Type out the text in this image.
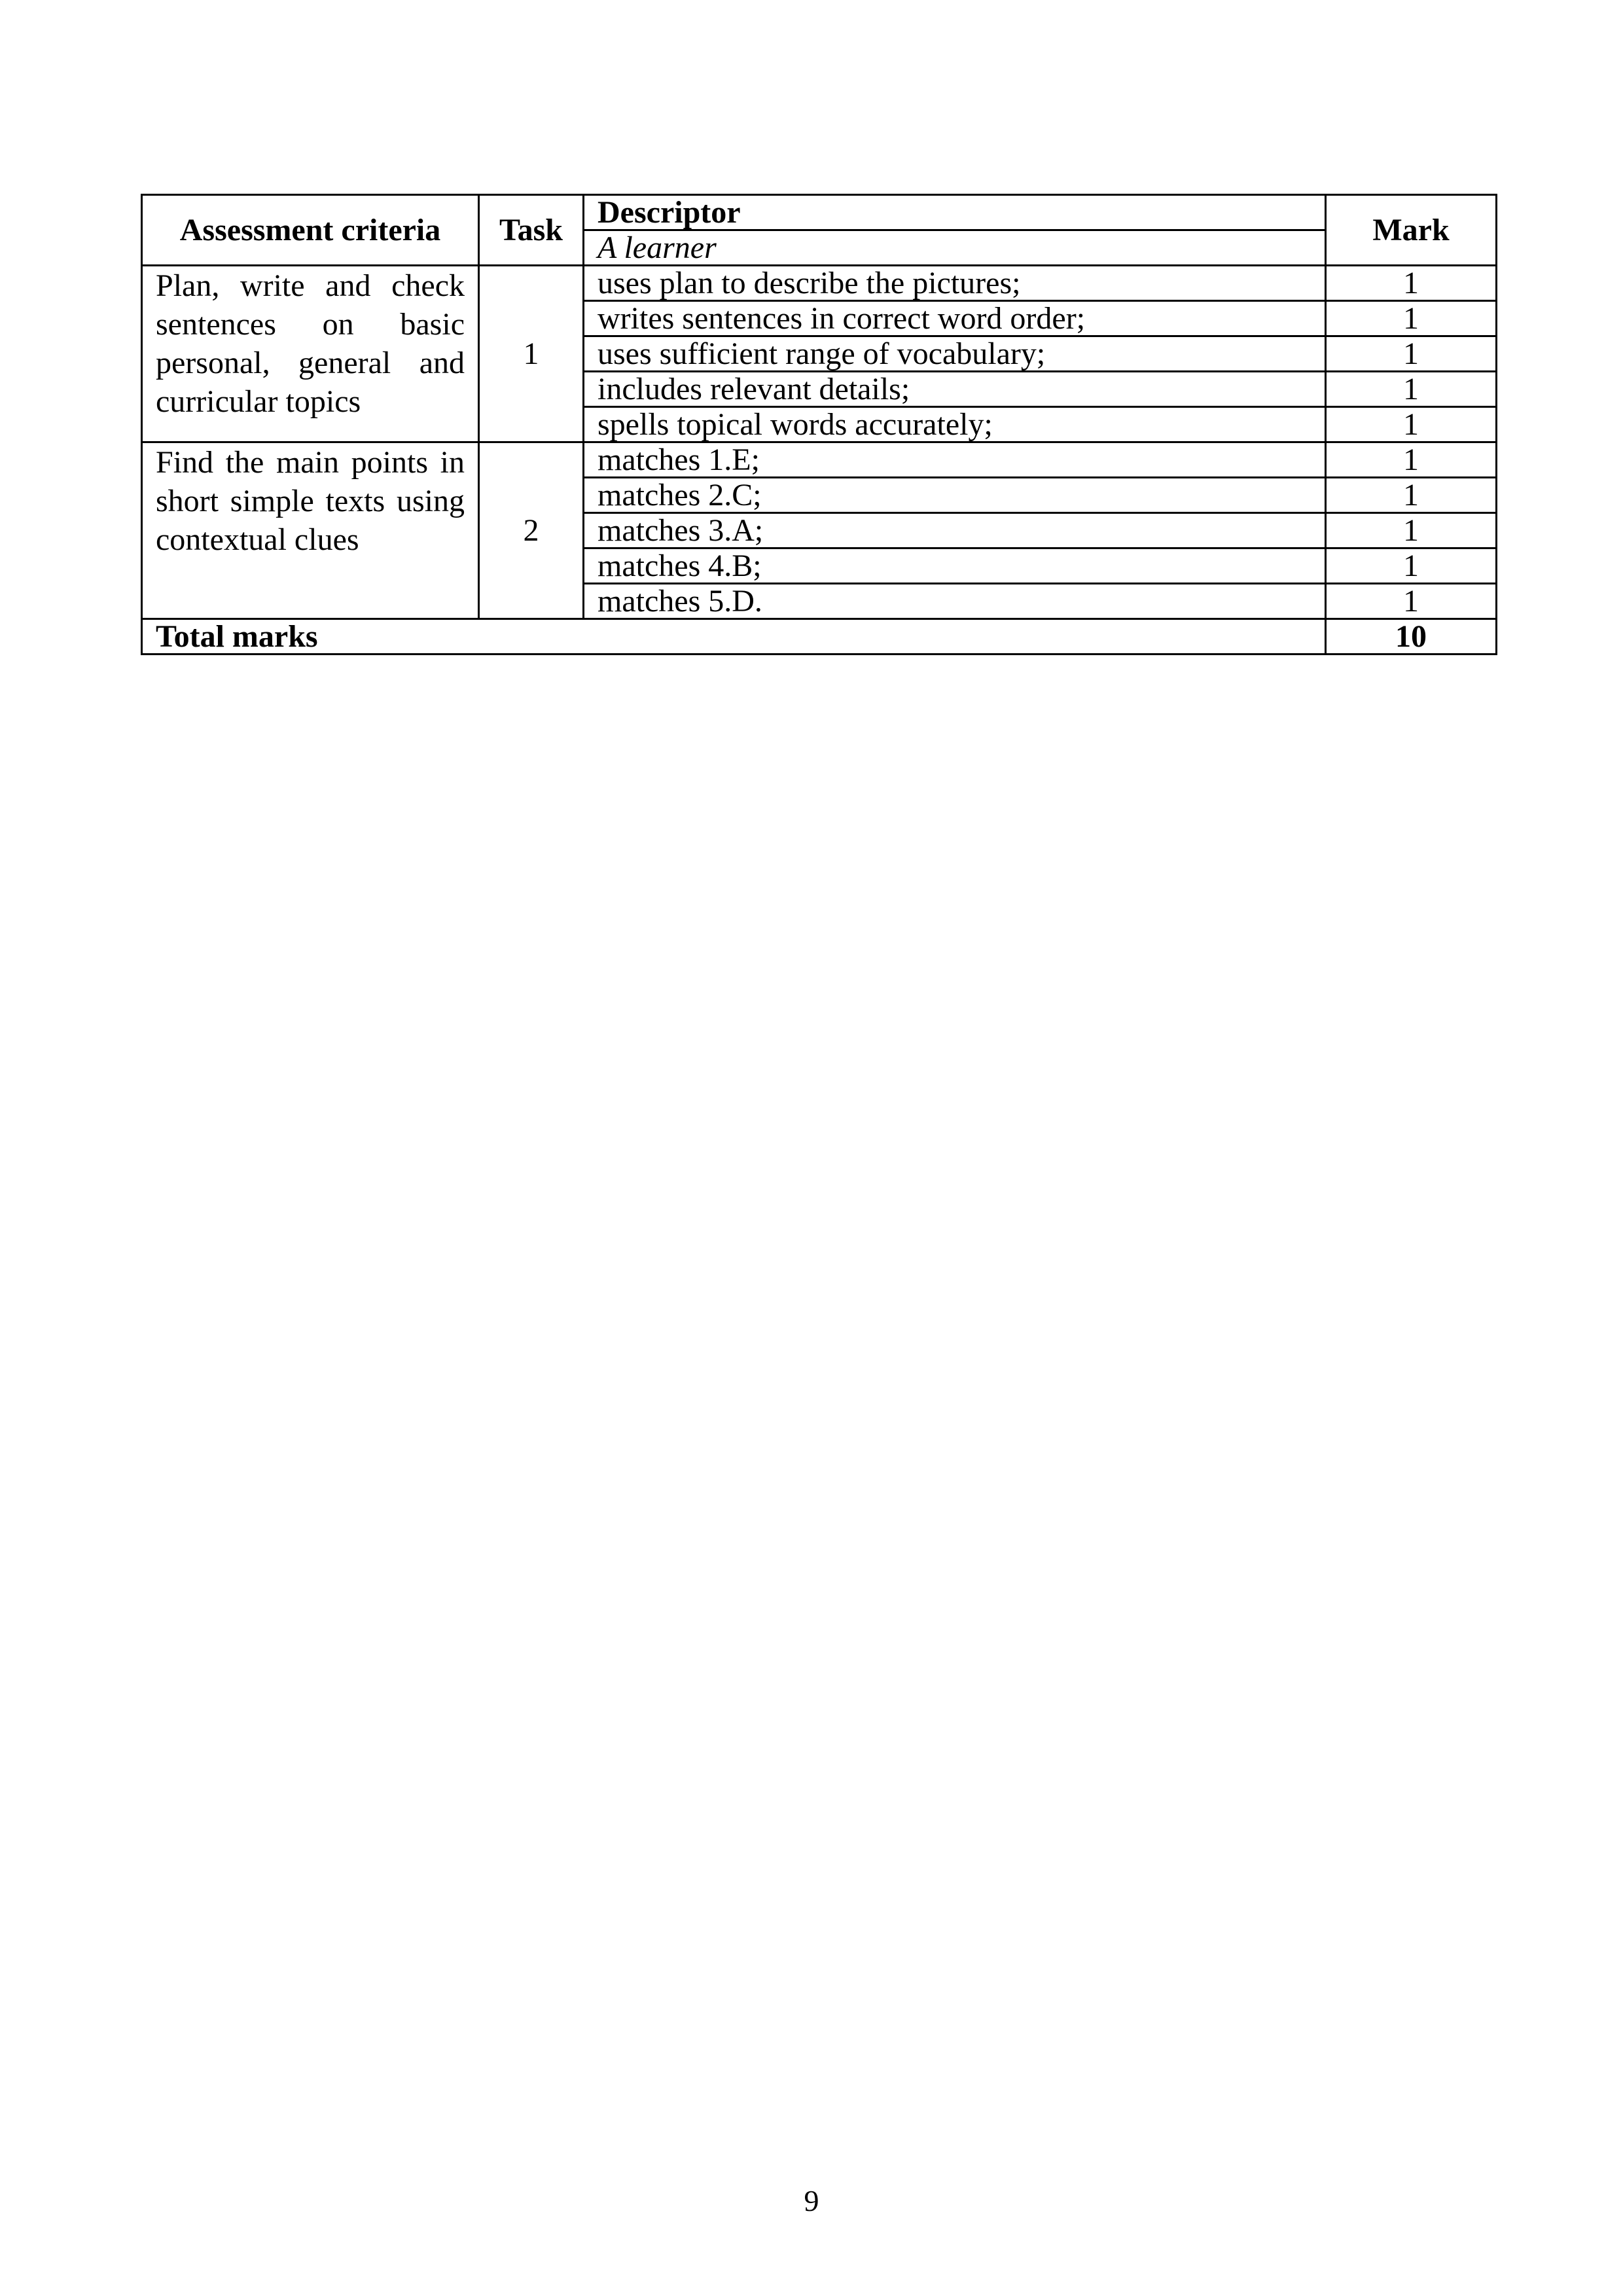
Assessment criteria	Task	Descriptor	Mark
		A learner	
Plan, write and check sentences on basic personal, general and curricular topics	1	uses plan to describe the pictures;	1
		writes sentences in correct word order;	1
		uses sufficient range of vocabulary;	1
		includes relevant details;	1
		spells topical words accurately;	1
Find the main points in short simple texts using contextual clues	2	matches 1.E;	1
		matches 2.C;	1
		matches 3.A;	1
		matches 4.B;	1
		matches 5.D.	1
Total marks			10
9
